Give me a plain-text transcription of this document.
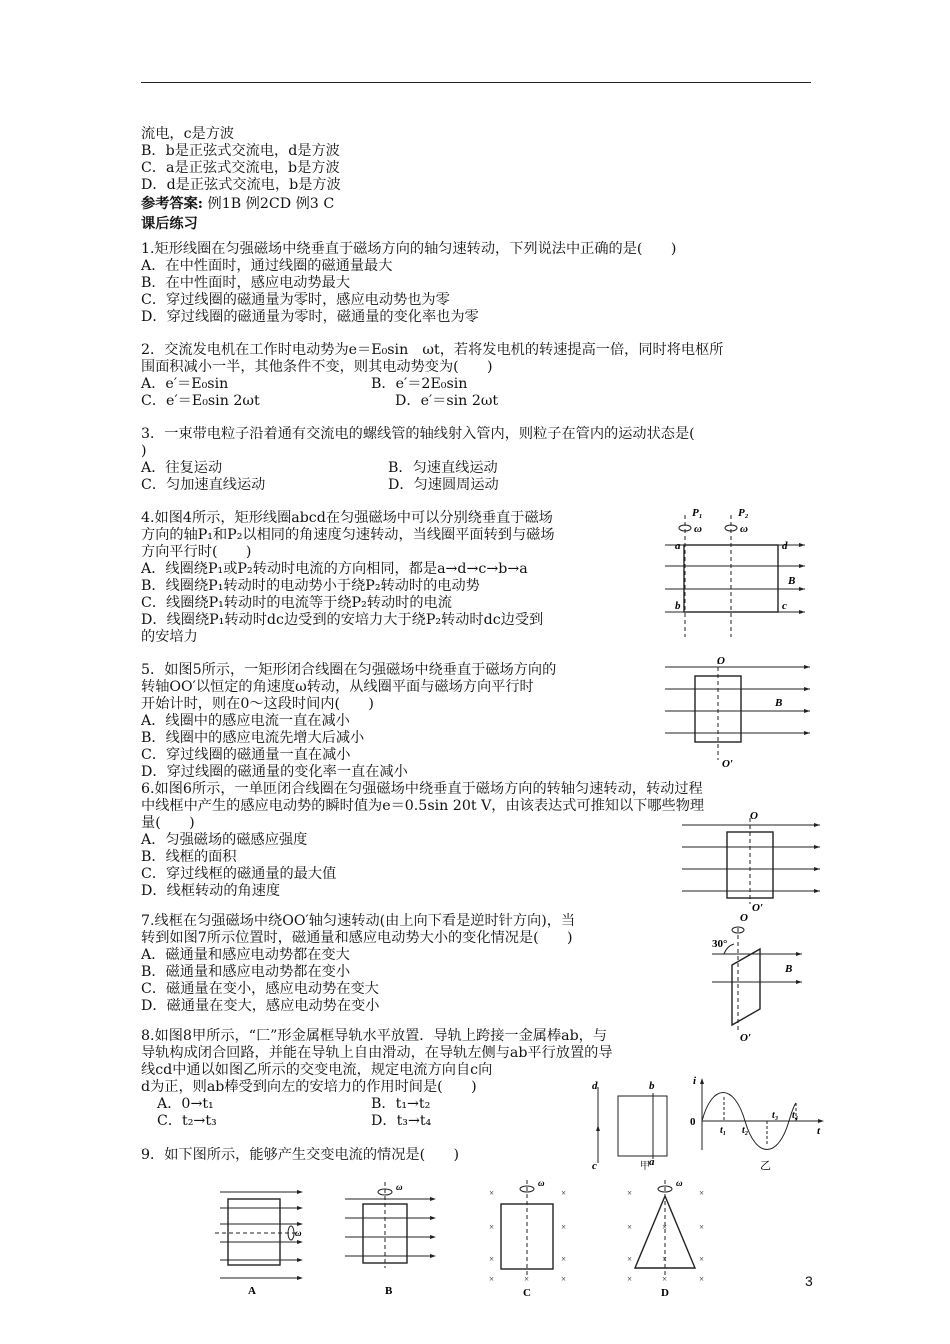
流电，c是方波
B．b是正弦式交流电，d是方波
C．a是正弦式交流电，b是方波
D．d是正弦式交流电，b是方波
参考答案: 例1B 例2CD 例3 C
课后练习
1.矩形线圈在匀强磁场中绕垂直于磁场方向的轴匀速转动，下列说法中正确的是(　　)
A．在中性面时，通过线圈的磁通量最大
B．在中性面时，感应电动势最大
C．穿过线圈的磁通量为零时，感应电动势也为零
D．穿过线圈的磁通量为零时，磁通量的变化率也为零
2．交流发电机在工作时电动势为e＝E₀sin　ωt，若将发电机的转速提高一倍，同时将电枢所
围面积减小一半，其他条件不变，则其电动势变为(　　)
A．e′＝E₀sin	B．e′＝2E₀sin
C．e′＝E₀sin 2ωt	D．e′＝sin 2ωt
3．一束带电粒子沿着通有交流电的螺线管的轴线射入管内，则粒子在管内的运动状态是(
)
A．往复运动	B．匀速直线运动
C．匀加速直线运动	D．匀速圆周运动
4.如图4所示，矩形线圈abcd在匀强磁场中可以分别绕垂直于磁场
方向的轴P₁和P₂以相同的角速度匀速转动，当线圈平面转到与磁场
方向平行时(　　)
A．线圈绕P₁或P₂转动时电流的方向相同，都是a→d→c→b→a
B．线圈绕P₁转动时的电动势小于绕P₂转动时的电动势
C．线圈绕P₁转动时的电流等于绕P₂转动时的电流
D．线圈绕P₁转动时dc边受到的安培力大于绕P₂转动时dc边受到
的安培力
P₁	P₂
ω	ω
a	d
b	c
B
5．如图5所示，一矩形闭合线圈在匀强磁场中绕垂直于磁场方向的
转轴OO′以恒定的角速度ω转动，从线圈平面与磁场方向平行时
开始计时，则在0～这段时间内(　　)
A．线圈中的感应电流一直在减小
B．线圈中的感应电流先增大后减小
C．穿过线圈的磁通量一直在减小
D．穿过线圈的磁通量的变化率一直在减小
O
O′
B
6.如图6所示，一单匝闭合线圈在匀强磁场中绕垂直于磁场方向的转轴匀速转动，转动过程
中线框中产生的感应电动势的瞬时值为e＝0.5sin 20t V，由该表达式可推知以下哪些物理
量(　　)
A．匀强磁场的磁感应强度
B．线框的面积
C．穿过线框的磁通量的最大值
D．线框转动的角速度
O
O′
7.线框在匀强磁场中绕OO′轴匀速转动(由上向下看是逆时针方向)，当
转到如图7所示位置时，磁通量和感应电动势大小的变化情况是(　　)
A．磁通量和感应电动势都在变大
B．磁通量和感应电动势都在变小
C．磁通量在变小，感应电动势在变大
D．磁通量在变大，感应电动势在变小
O
O′
30°
B
8.如图8甲所示，“匚”形金属框导轨水平放置．导轨上跨接一金属棒ab，与
导轨构成闭合回路，并能在导轨上自由滑动，在导轨左侧与ab平行放置的导
线cd中通以如图乙所示的交变电流，规定电流方向自c向
d为正，则ab棒受到向左的安培力的作用时间是(　　)
A．0→t₁	B．t₁→t₂
C．t₂→t₃	D．t₃→t₄
d
c
b
a
甲
i
0
t
t₁ t₂
t₃ t₄
乙
9．如下图所示，能够产生交变电流的情况是(　　)
ω
A
ω
B
×	×
×	×
×	×
×	×	×
ω
C
×	×
×	×	×
×	×	×
×	×	×
ω
D
3
